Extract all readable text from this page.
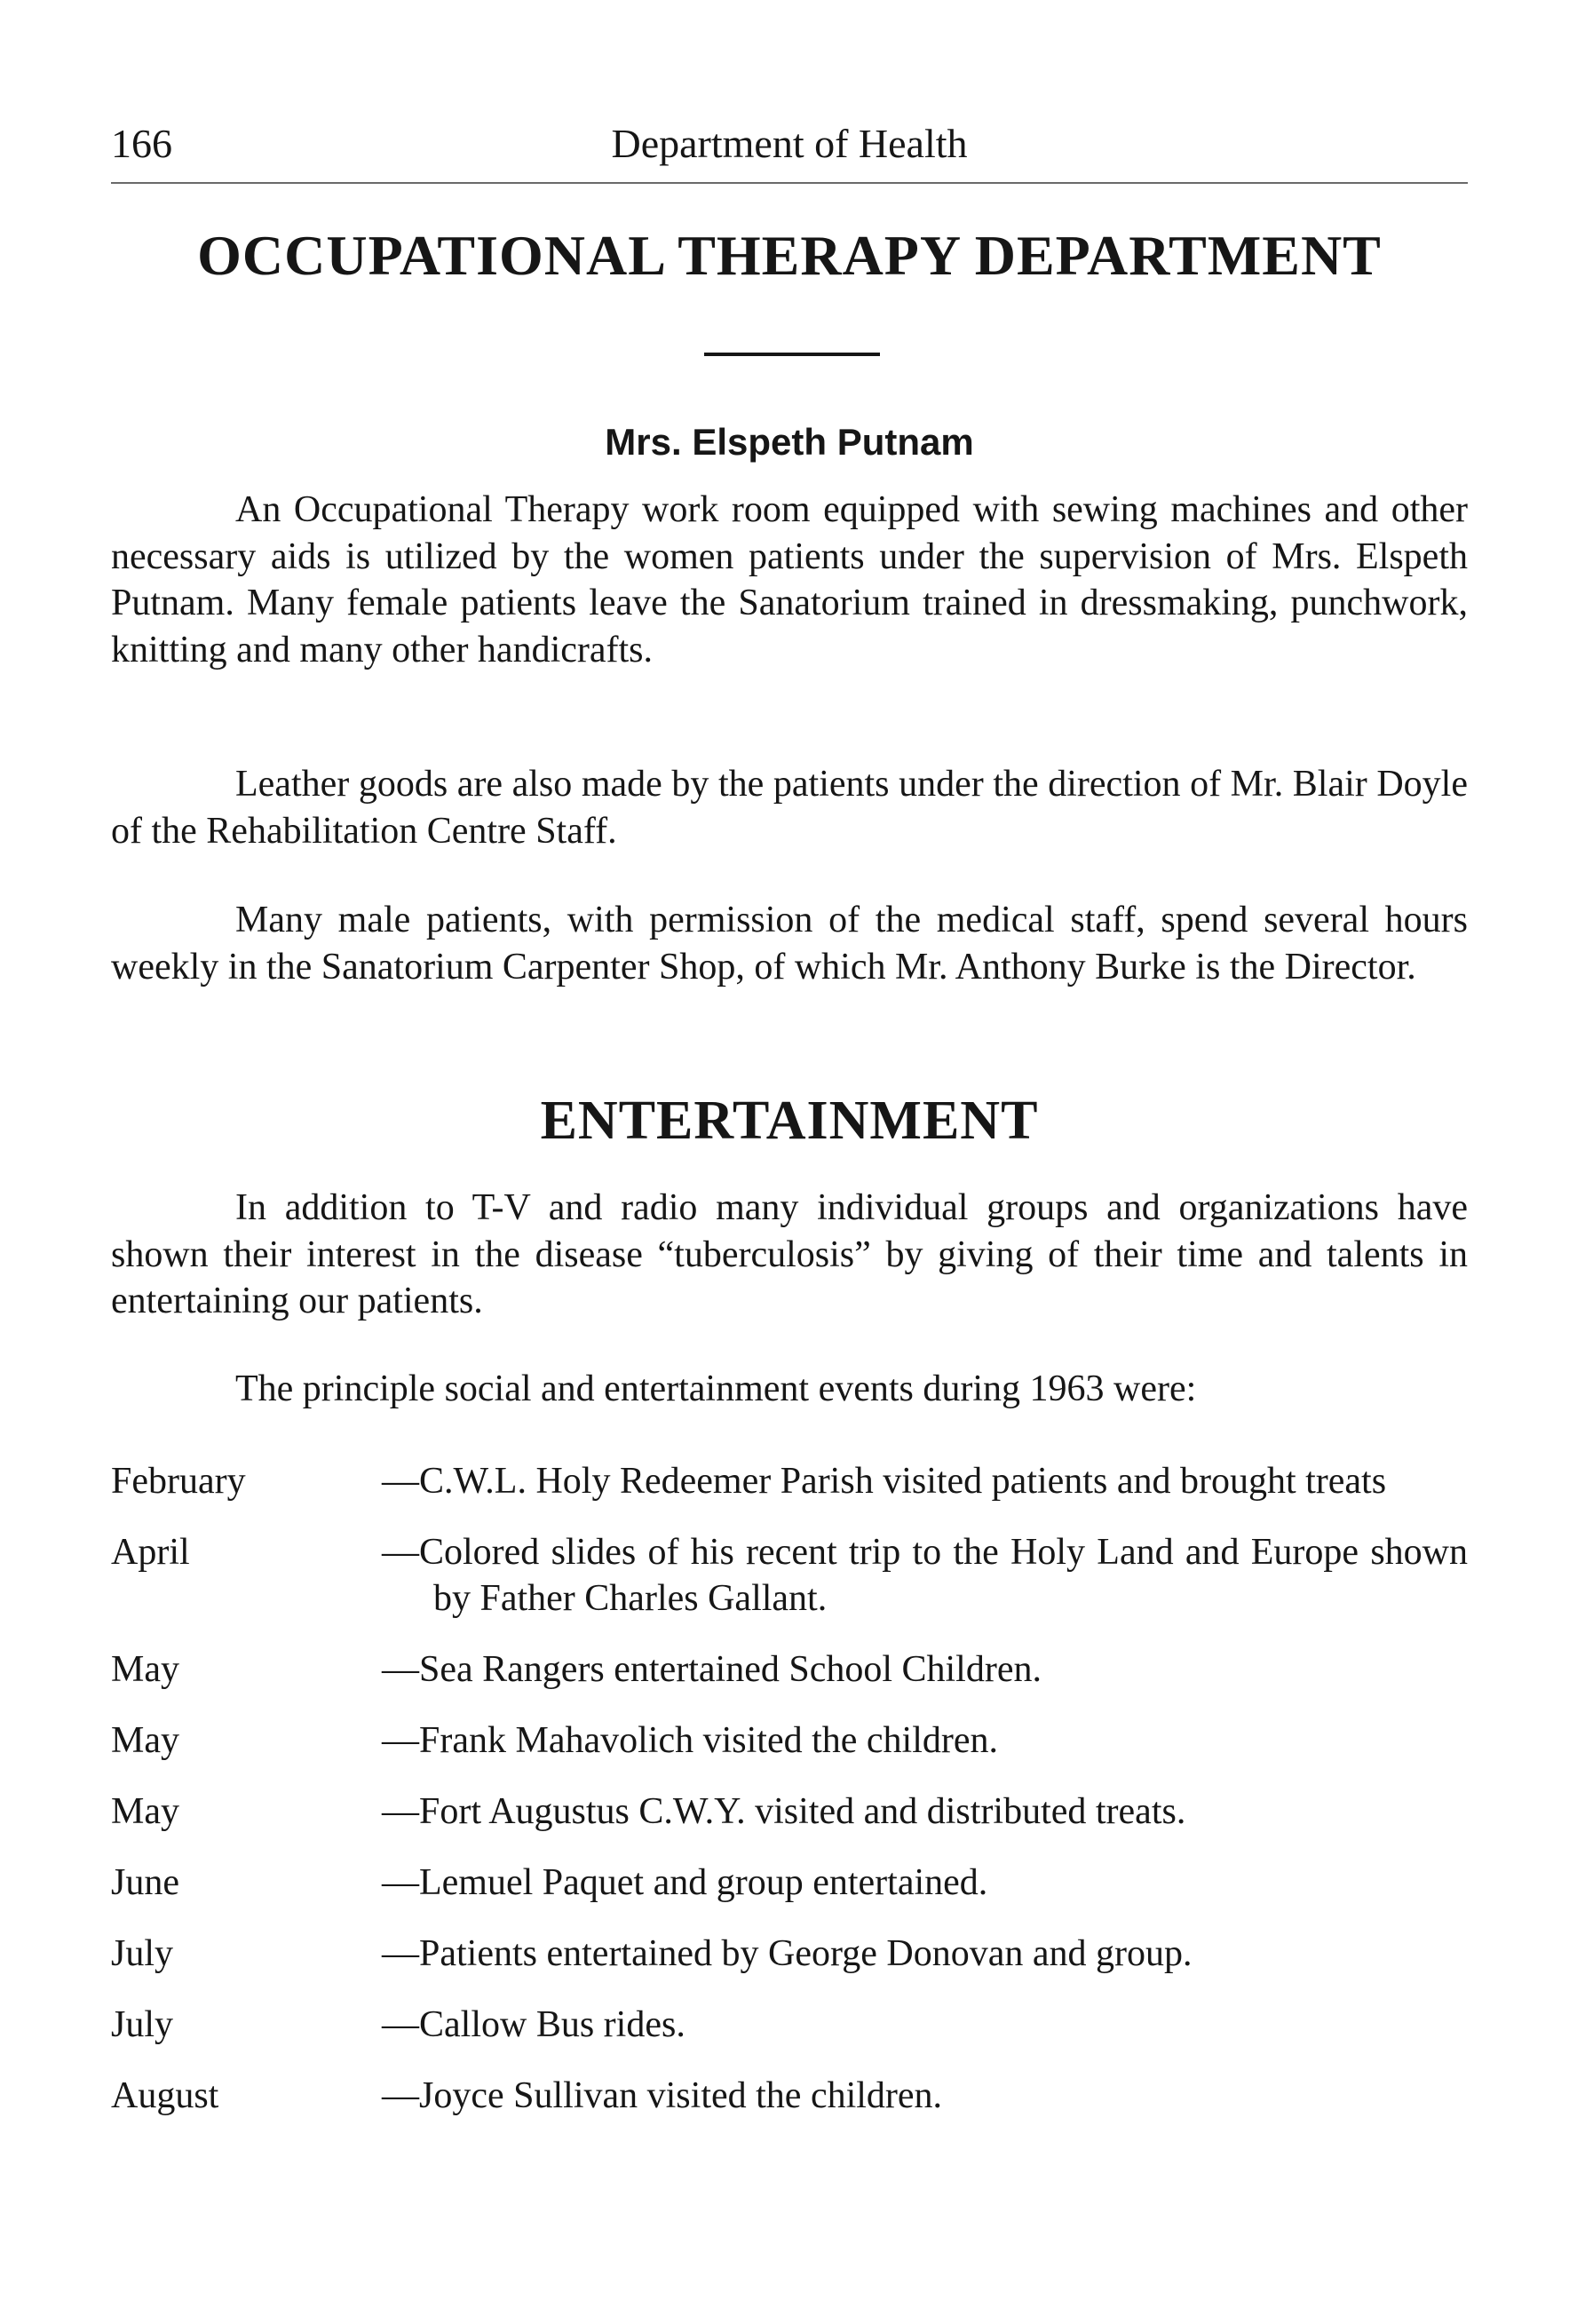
166	Department of Health
OCCUPATIONAL THERAPY DEPARTMENT
Mrs. Elspeth Putnam

An Occupational Therapy work room equipped with sewing machines and other necessary aids is utilized by the women patients under the supervision of Mrs. Elspeth Putnam. Many female patients leave the Sanatorium trained in dressmaking, punchwork, knitting and many other handicrafts.

Leather goods are also made by the patients under the direction of Mr. Blair Doyle of the Rehabilitation Centre Staff.

Many male patients, with permission of the medical staff, spend several hours weekly in the Sanatorium Carpenter Shop, of which Mr. Anthony Burke is the Director.

ENTERTAINMENT

In addition to T-V and radio many individual groups and organizations have shown their interest in the disease “tuberculosis” by giving of their time and talents in entertaining our patients.

The principle social and entertainment events during 1963 were:

February	—C.W.L. Holy Redeemer Parish visited patients and brought treats
April	—Colored slides of his recent trip to the Holy Land and Europe shown by Father Charles Gallant.
May	—Sea Rangers entertained School Children.
May	—Frank Mahavolich visited the children.
May	—Fort Augustus C.W.Y. visited and distributed treats.
June	—Lemuel Paquet and group entertained.
July	—Patients entertained by George Donovan and group.
July	—Callow Bus rides.
August	—Joyce Sullivan visited the children.
